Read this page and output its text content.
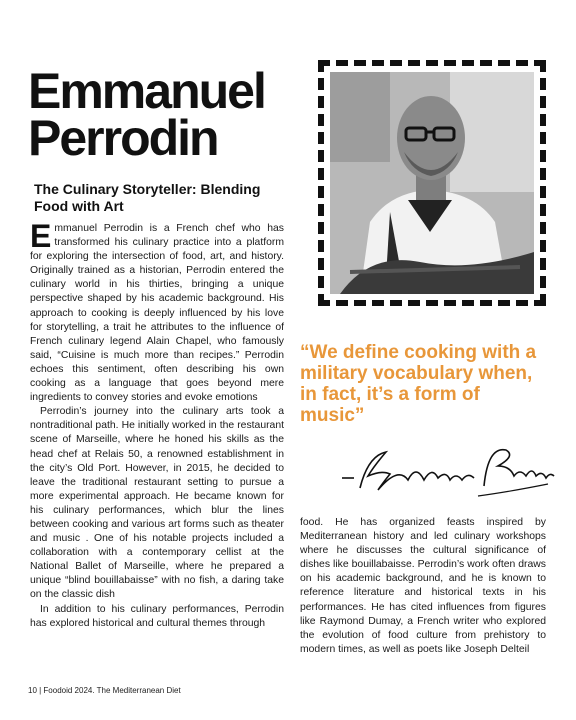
Emmanuel
Perrodin
The Culinary Storyteller: Blending Food with Art

Emmanuel Perrodin is a French chef who has transformed his culinary practice into a platform for exploring the intersection of food, art, and history. Originally trained as a historian, Perrodin entered the culinary world in his thirties, bringing a unique perspective shaped by his academic background. His approach to cooking is deeply influenced by his love for storytelling, a trait he attributes to the influence of French culinary legend Alain Chapel, who famously said, “Cuisine is much more than recipes.” Perrodin echoes this sentiment, often describing his own cooking as a language that goes beyond mere ingredients to convey stories and evoke emotions

Perrodin’s journey into the culinary arts took a nontraditional path. He initially worked in the restaurant scene of Marseille, where he honed his skills as the head chef at Relais 50, a renowned establishment in the city’s Old Port. However, in 2015, he decided to leave the traditional restaurant setting to pursue a more experimental approach. He became known for his culinary performances, which blur the lines between cooking and various art forms such as theater and music . One of his notable projects included a collaboration with a contemporary cellist at the National Ballet of Marseille, where he prepared a unique “blind bouillabaisse” with no fish, a daring take on the classic dish

In addition to his culinary performances, Perrodin has explored historical and cultural themes through

“We define cooking with a military vocabulary when, in fact, it’s a form of music”

food. He has organized feasts inspired by Mediterranean history and led culinary workshops where he discusses the cultural significance of dishes like bouillabaisse. Perrodin’s work often draws on his academic background, and he is known to reference literature and historical texts in his performances. He has cited influences from figures like Raymond Dumay, a French writer who explored the evolution of food culture from prehistory to modern times, as well as poets like Joseph Delteil

10 | Foodoid 2024. The Mediterranean Diet
